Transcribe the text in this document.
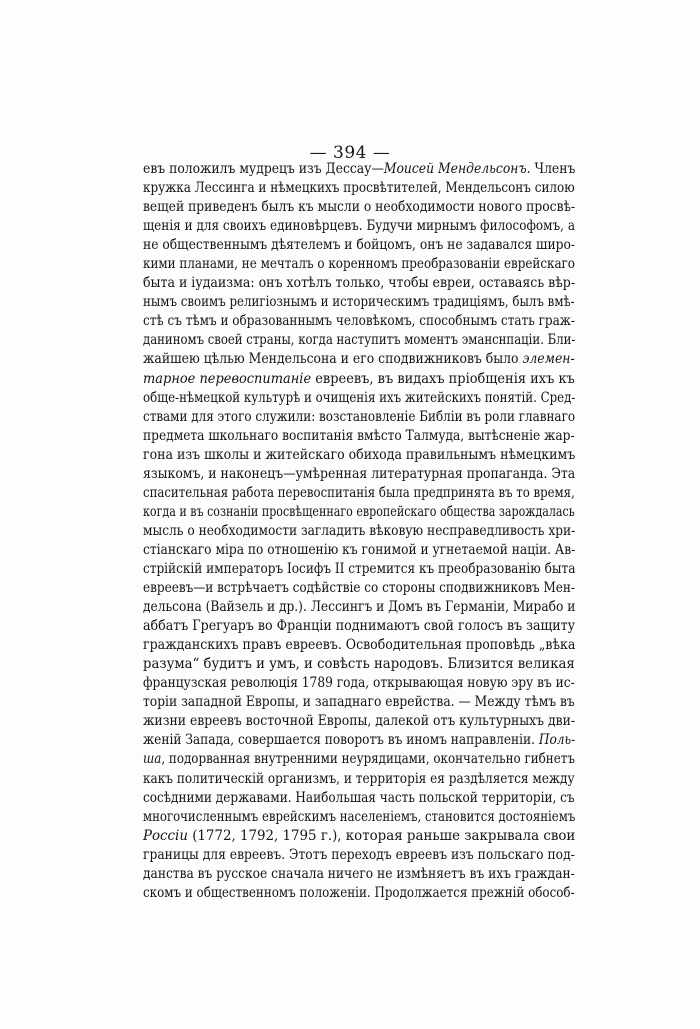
— 394 —
евъ положилъ мудрецъ изъ Дессау—Моисей Мендельсонъ. Членъ
кружка Лессинга и нѣмецкихъ просвѣтителей, Мендельсонъ силою
вещей приведенъ былъ къ мысли о необходимости нового просвѣ-
щенія и для своихъ единовѣрцевъ. Будучи мирнымъ философомъ, а
не общественнымъ дѣятелемъ и бойцомъ, онъ не задавался широ-
кими планами, не мечталъ о коренномъ преобразованіи еврейскаго
быта и іудаизма: онъ хотѣлъ только, чтобы евреи, оставаясь вѣр-
нымъ своимъ религіознымъ и историческимъ традиціямъ, былъ вмѣ-
стѣ съ тѣмъ и образованнымъ человѣкомъ, способнымъ стать граж-
даниномъ своей страны, когда наступитъ моментъ эманснпаціи. Бли-
жайшею цѣлью Мендельсона и его сподвижниковъ было элемен-
тарное перевоспитаніе евреевъ, въ видахъ пріобщенія ихъ къ
обще-нѣмецкой культурѣ и очищенія ихъ житейскихъ понятій. Сред-
ствами для этого служили: возстановленіе Библіи въ роли главнаго
предмета школьнаго воспитанія вмѣсто Талмуда, вытѣсненіе жар-
гона изъ школы и житейскаго обихода правильнымъ нѣмецкимъ
языкомъ, и наконецъ—умѣренная литературная пропаганда. Эта
спасительная работа перевоспитанія была предпринята въ то время,
когда и въ сознаніи просвѣщеннаго европейскаго общества зарождалась
мысль о необходимости загладить вѣковую несправедливость хри-
стіанскаго міра по отношенію къ гонимой и угнетаемой націи. Ав-
стрійскій императоръ Іосифъ II стремится къ преобразованію быта
евреевъ—и встрѣчаетъ содѣйствіе со стороны сподвижниковъ Мен-
дельсона (Вайзель и др.). Лессингъ и Домъ въ Германіи, Мирабо и
аббатъ Грегуаръ во Франціи поднимаютъ свой голосъ въ защиту
гражданскихъ правъ евреевъ. Освободительная проповѣдь „вѣка
разума“ будитъ и умъ, и совѣсть народовъ. Близится великая
французская революція 1789 года, открывающая новую эру въ ис-
торіи западной Европы, и западнаго еврейства. — Между тѣмъ въ
жизни евреевъ восточной Европы, далекой отъ культурныхъ дви-
женій Запада, совершается поворотъ въ иномъ направленіи. Поль-
ша, подорванная внутренними неурядицами, окончательно гибнетъ
какъ политическій организмъ, и территорія ея раздѣляется между
сосѣдними державами. Наибольшая часть польской территоріи, съ
многочисленнымъ еврейскимъ населеніемъ, становится достояніемъ
Россіи (1772, 1792, 1795 г.), которая раньше закрывала свои
границы для евреевъ. Этотъ переходъ евреевъ изъ польскаго под-
данства въ русское сначала ничего не измѣняетъ въ ихъ граждан-
скомъ и общественномъ положеніи. Продолжается прежній обособ-
